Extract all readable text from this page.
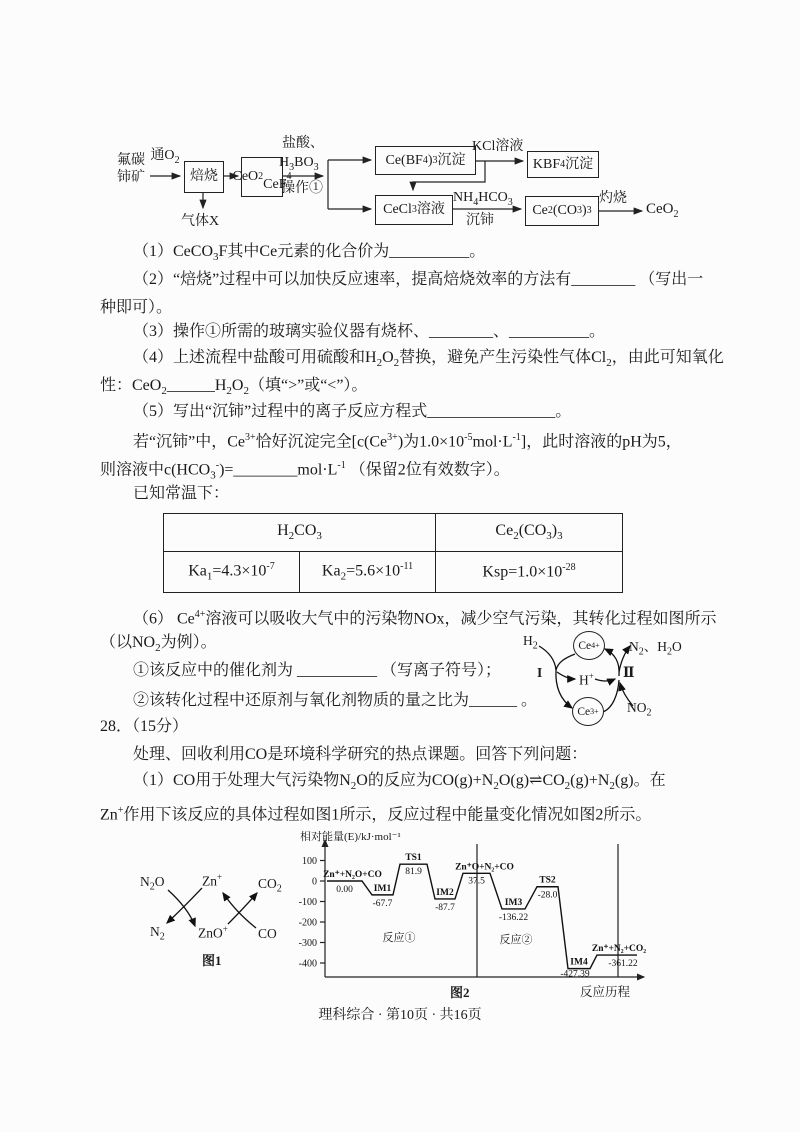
氟碳
铈矿
通$O_2$
焙烧
气体X
CeO 2

CeF
4
盐酸、
$H_3BO_3$
操作①
Ce(BF 4 ) 3 沉淀
KCl溶液
KBF 4 沉淀
CeCl 3 溶液
$NH_4HCO_3$
沉铈
Ce 2 (CO 3 ) 3
灼烧
CeO$_2$
（1）CeCO$_3$F其中Ce元素的化合价为__________。
（2）“焙烧”过程中可以加快反应速率，提高焙烧效率的方法有________ （写出一
种即可）。
（3）操作①所需的玻璃实验仪器有烧杯、________、__________。
（4）上述流程中盐酸可用硫酸和$H_2O_2$替换，避免产生污染性气体$Cl_2$，由此可知氧化
性：$CeO_2\_\_\_\_\_\_H_2O_2$（填“>”或“<”）。
（5）写出“沉铈”过程中的离子反应方程式________________。
若“沉铈”中，$Ce^{3+}$恰好沉淀完全[$c(Ce^{3+})$为$1.0\times 10^{-5}mol\cdot L^{-1}$]，此时溶液的pH为5，
则溶液中$c(HCO_3^-)=\_\_\_\_\_\_\_\_mol\cdot L^{-1}$ （保留2位有效数字）。
已知常温下：
$H_2CO_3$		$Ce_2(CO_3)_3$
$Ka_1=4.3\times 10^{-7}$	$Ka_2=5.6\times 10^{-11}$	$Ksp=1.0\times 10^{-28}$
（6） $Ce^{4+}$溶液可以吸收大气中的污染物NOx，减少空气污染，其转化过程如图所示
（以$NO_2$为例）。
①该反应中的催化剂为 __________ （写离子符号）；
②该转化过程中还原剂与氧化剂物质的量之比为______ 。
$H_2$	Ce $4+ N_2$、$H_2O$
I	H+ Ⅱ
Ce $3+ NO_2$
28．（15分）
处理、回收利用CO是环境科学研究的热点课题。回答下列问题：
（1）CO用于处理大气污染物$N_2O$的反应为$CO(g)+N_2O(g)\rightleftharpoons CO_2(g)+N_2(g)$。在
Zn+作用下该反应的具体过程如图1所示，反应过程中能量变化情况如图2所示。
$N_2O$	Zn+	$CO_2$
$N_2$ ZnO+ CO
图1
100
0
-100
-200
-300
-400
Zn⁺+N₂O+CO
0.00 IM1
-67.7
TS1
81.9
IM2
-87.7
Zn⁺O+N₂+CO
37.5
IM3
-136.22
TS2
-28.0
IM4
-427.39
Zn⁺+N₂+CO₂
-361.22
反应①	反应②
相对能量(E)/kJ·mol⁻¹
图2	反应历程
理科综合 · 第10页 · 共16页
